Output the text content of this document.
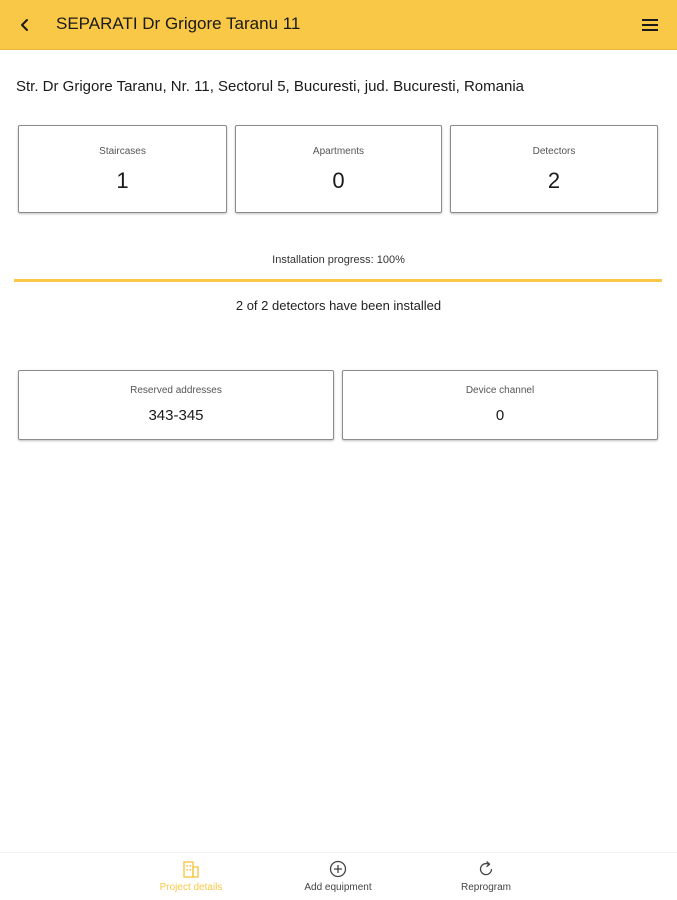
SEPARATI Dr Grigore Taranu 11
Str. Dr Grigore Taranu, Nr. 11, Sectorul 5, Bucuresti, jud. Bucuresti, Romania
Staircases
1
Apartments
0
Detectors
2
Installation progress: 100%
2 of 2 detectors have been installed
Reserved addresses
343-345
Device channel
0
Project details	Add equipment	Reprogram
